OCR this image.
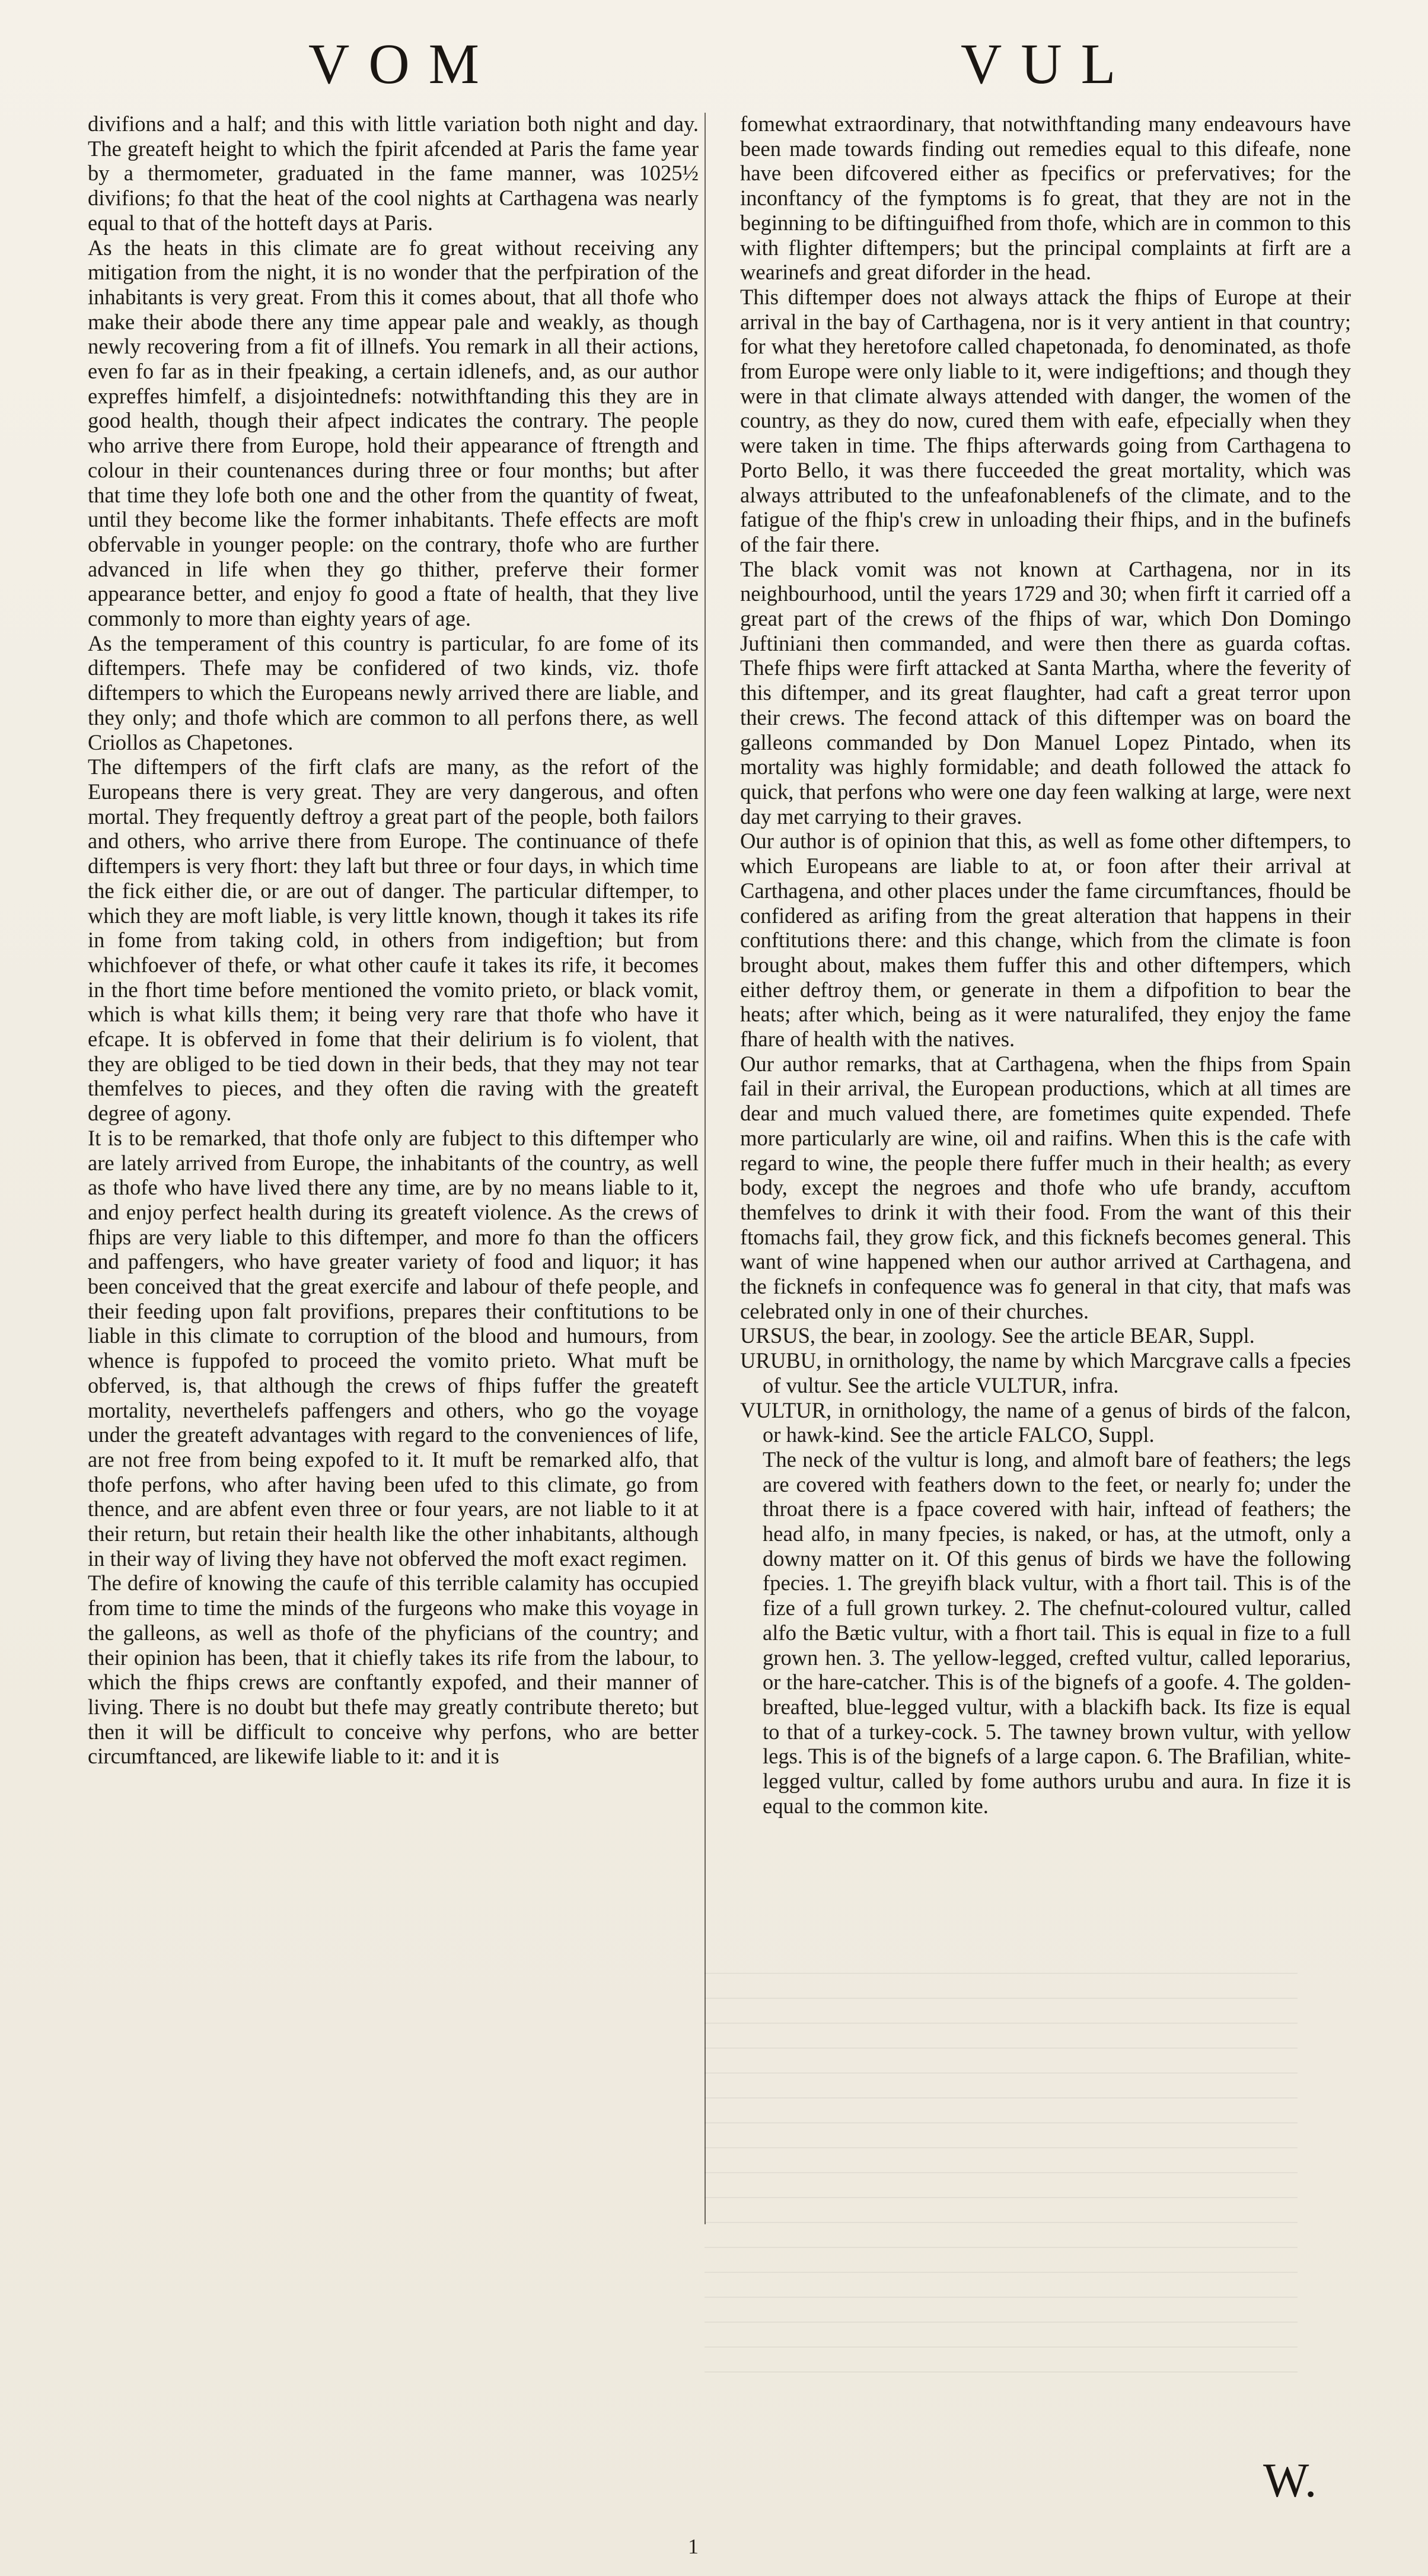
VOM	VUL

divifions and a half; and this with little variation both night and day. The greateft height to which the fpirit afcended at Paris the fame year by a thermometer, graduated in the fame manner, was 1025½ divifions; fo that the heat of the cool nights at Carthagena was nearly equal to that of the hotteft days at Paris.

As the heats in this climate are fo great without receiving any mitigation from the night, it is no wonder that the perfpiration of the inhabitants is very great. From this it comes about, that all thofe who make their abode there any time appear pale and weakly, as though newly recovering from a fit of illnefs. You remark in all their actions, even fo far as in their fpeaking, a certain idlenefs, and, as our author expreffes himfelf, a disjointednefs: notwithftanding this they are in good health, though their afpect indicates the contrary. The people who arrive there from Europe, hold their appearance of ftrength and colour in their countenances during three or four months; but after that time they lofe both one and the other from the quantity of fweat, until they become like the former inhabitants. Thefe effects are moft obfervable in younger people: on the contrary, thofe who are further advanced in life when they go thither, preferve their former appearance better, and enjoy fo good a ftate of health, that they live commonly to more than eighty years of age.

As the temperament of this country is particular, fo are fome of its diftempers. Thefe may be confidered of two kinds, viz. thofe diftempers to which the Europeans newly arrived there are liable, and they only; and thofe which are common to all perfons there, as well Criollos as Chapetones.

The diftempers of the firft clafs are many, as the refort of the Europeans there is very great. They are very dangerous, and often mortal. They frequently deftroy a great part of the people, both failors and others, who arrive there from Europe. The continuance of thefe diftempers is very fhort: they laft but three or four days, in which time the fick either die, or are out of danger. The particular diftemper, to which they are moft liable, is very little known, though it takes its rife in fome from taking cold, in others from indigeftion; but from whichfoever of thefe, or what other caufe it takes its rife, it becomes in the fhort time before mentioned the vomito prieto, or black vomit, which is what kills them; it being very rare that thofe who have it efcape. It is obferved in fome that their delirium is fo violent, that they are obliged to be tied down in their beds, that they may not tear themfelves to pieces, and they often die raving with the greateft degree of agony.

It is to be remarked, that thofe only are fubject to this diftemper who are lately arrived from Europe, the inhabitants of the country, as well as thofe who have lived there any time, are by no means liable to it, and enjoy perfect health during its greateft violence. As the crews of fhips are very liable to this diftemper, and more fo than the officers and paffengers, who have greater variety of food and liquor; it has been conceived that the great exercife and labour of thefe people, and their feeding upon falt provifions, prepares their conftitutions to be liable in this climate to corruption of the blood and humours, from whence is fuppofed to proceed the vomito prieto. What muft be obferved, is, that although the crews of fhips fuffer the greateft mortality, neverthelefs paffengers and others, who go the voyage under the greateft advantages with regard to the conveniences of life, are not free from being expofed to it. It muft be remarked alfo, that thofe perfons, who after having been ufed to this climate, go from thence, and are abfent even three or four years, are not liable to it at their return, but retain their health like the other inhabitants, although in their way of living they have not obferved the moft exact regimen.

The defire of knowing the caufe of this terrible calamity has occupied from time to time the minds of the furgeons who make this voyage in the galleons, as well as thofe of the phyficians of the country; and their opinion has been, that it chiefly takes its rife from the labour, to which the fhips crews are conftantly expofed, and their manner of living. There is no doubt but thefe may greatly contribute thereto; but then it will be difficult to conceive why perfons, who are better circumftanced, are likewife liable to it: and it is

fomewhat extraordinary, that notwithftanding many endeavours have been made towards finding out remedies equal to this difeafe, none have been difcovered either as fpecifics or prefervatives; for the inconftancy of the fymptoms is fo great, that they are not in the beginning to be diftinguifhed from thofe, which are in common to this with flighter diftempers; but the principal complaints at firft are a wearinefs and great diforder in the head.

This diftemper does not always attack the fhips of Europe at their arrival in the bay of Carthagena, nor is it very antient in that country; for what they heretofore called chapetonada, fo denominated, as thofe from Europe were only liable to it, were indigeftions; and though they were in that climate always attended with danger, the women of the country, as they do now, cured them with eafe, efpecially when they were taken in time. The fhips afterwards going from Carthagena to Porto Bello, it was there fucceeded the great mortality, which was always attributed to the unfeafonablenefs of the climate, and to the fatigue of the fhip's crew in unloading their fhips, and in the bufinefs of the fair there.

The black vomit was not known at Carthagena, nor in its neighbourhood, until the years 1729 and 30; when firft it carried off a great part of the crews of the fhips of war, which Don Domingo Juftiniani then commanded, and were then there as guarda coftas. Thefe fhips were firft attacked at Santa Martha, where the feverity of this diftemper, and its great flaughter, had caft a great terror upon their crews. The fecond attack of this diftemper was on board the galleons commanded by Don Manuel Lopez Pintado, when its mortality was highly formidable; and death followed the attack fo quick, that perfons who were one day feen walking at large, were next day met carrying to their graves.

Our author is of opinion that this, as well as fome other diftempers, to which Europeans are liable to at, or foon after their arrival at Carthagena, and other places under the fame circumftances, fhould be confidered as arifing from the great alteration that happens in their conftitutions there: and this change, which from the climate is foon brought about, makes them fuffer this and other diftempers, which either deftroy them, or generate in them a difpofition to bear the heats; after which, being as it were naturalifed, they enjoy the fame fhare of health with the natives.

Our author remarks, that at Carthagena, when the fhips from Spain fail in their arrival, the European productions, which at all times are dear and much valued there, are fometimes quite expended. Thefe more particularly are wine, oil and raifins. When this is the cafe with regard to wine, the people there fuffer much in their health; as every body, except the negroes and thofe who ufe brandy, accuftom themfelves to drink it with their food. From the want of this their ftomachs fail, they grow fick, and this ficknefs becomes general. This want of wine happened when our author arrived at Carthagena, and the ficknefs in confequence was fo general in that city, that mafs was celebrated only in one of their churches.

URSUS, the bear, in zoology. See the article BEAR, Suppl.

URUBU, in ornithology, the name by which Marcgrave calls a fpecies of vultur. See the article VULTUR, infra.

VULTUR, in ornithology, the name of a genus of birds of the falcon, or hawk-kind. See the article FALCO, Suppl.

The neck of the vultur is long, and almoft bare of feathers; the legs are covered with feathers down to the feet, or nearly fo; under the throat there is a fpace covered with hair, inftead of feathers; the head alfo, in many fpecies, is naked, or has, at the utmoft, only a downy matter on it. Of this genus of birds we have the following fpecies. 1. The greyifh black vultur, with a fhort tail. This is of the fize of a full grown turkey. 2. The chefnut-coloured vultur, called alfo the Bætic vultur, with a fhort tail. This is equal in fize to a full grown hen. 3. The yellow-legged, crefted vultur, called leporarius, or the hare-catcher. This is of the bignefs of a goofe. 4. The golden-breafted, blue-legged vultur, with a blackifh back. Its fize is equal to that of a turkey-cock. 5. The tawney brown vultur, with yellow legs. This is of the bignefs of a large capon. 6. The Brafilian, white-legged vultur, called by fome authors urubu and aura. In fize it is equal to the common kite.

W.
1
